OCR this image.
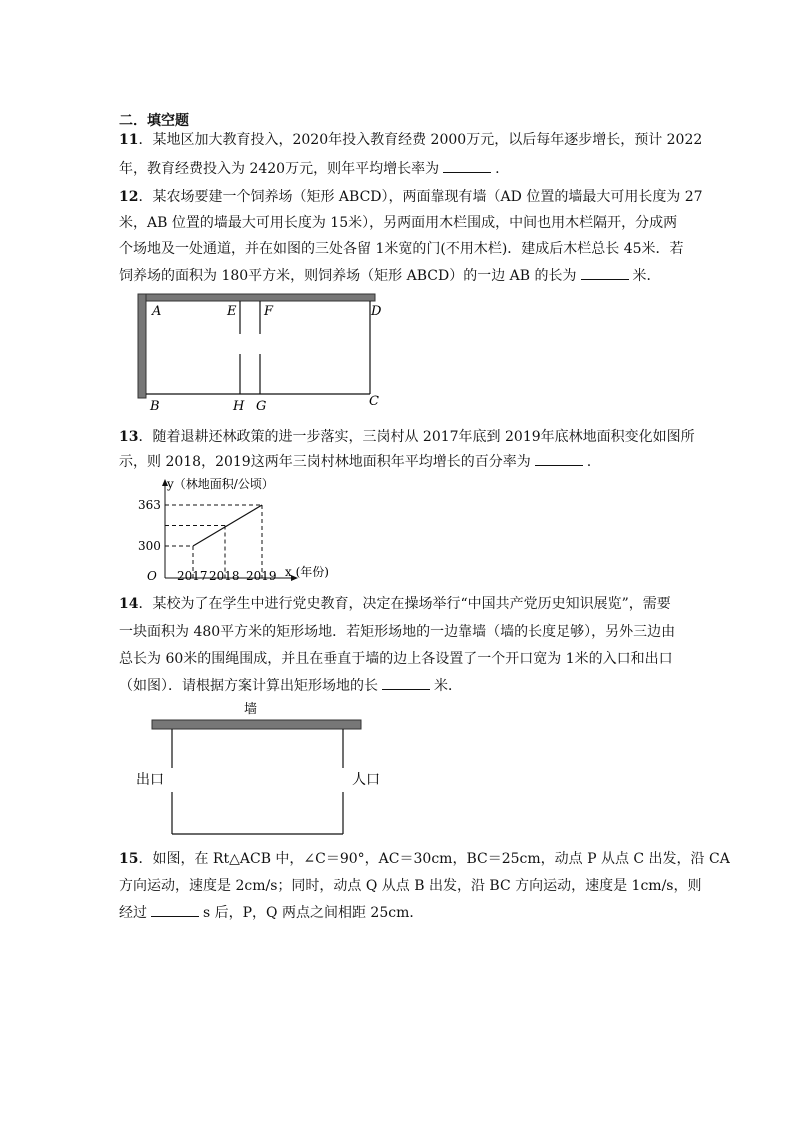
二．填空题
11．某地区加大教育投入，2020年投入教育经费 2000万元，以后每年逐步增长，预计 2022
年，教育经费投入为 2420万元，则年平均增长率为	.
12．某农场要建一个饲养场（矩形 ABCD），两面靠现有墙（AD 位置的墙最大可用长度为 27
米，AB 位置的墙最大可用长度为 15米），另两面用木栏围成，中间也用木栏隔开，分成两
个场地及一处通道，并在如图的三处各留 1米宽的门(不用木栏)．建成后木栏总长 45米．若
饲养场的面积为 180平方米，则饲养场（矩形 ABCD）的一边 AB 的长为	米．
A	E F	D
B	H G	C
13．随着退耕还林政策的进一步落实，三岗村从 2017年底到 2019年底林地面积变化如图所
示，则 2018，2019这两年三岗村林地面积年平均增长的百分率为	.
y（林地面积/公顷）
x (年份)
O 2017 2018 2019
300
363
14．某校为了在学生中进行党史教育，决定在操场举行“中国共产党历史知识展览”，需要
一块面积为 480平方米的矩形场地．若矩形场地的一边靠墙（墙的长度足够），另外三边由
总长为 60米的围绳围成，并且在垂直于墙的边上各设置了一个开口宽为 1米的入口和出口
（如图）．请根据方案计算出矩形场地的长	米．
墙
出口	人口
15．如图，在 Rt△ACB 中，∠C＝90°，AC＝30cm，BC＝25cm，动点 P 从点 C 出发，沿 CA
方向运动，速度是 2cm/s；同时，动点 Q 从点 B 出发，沿 BC 方向运动，速度是 1cm/s，则
经过	s 后，P，Q 两点之间相距 25cm．
